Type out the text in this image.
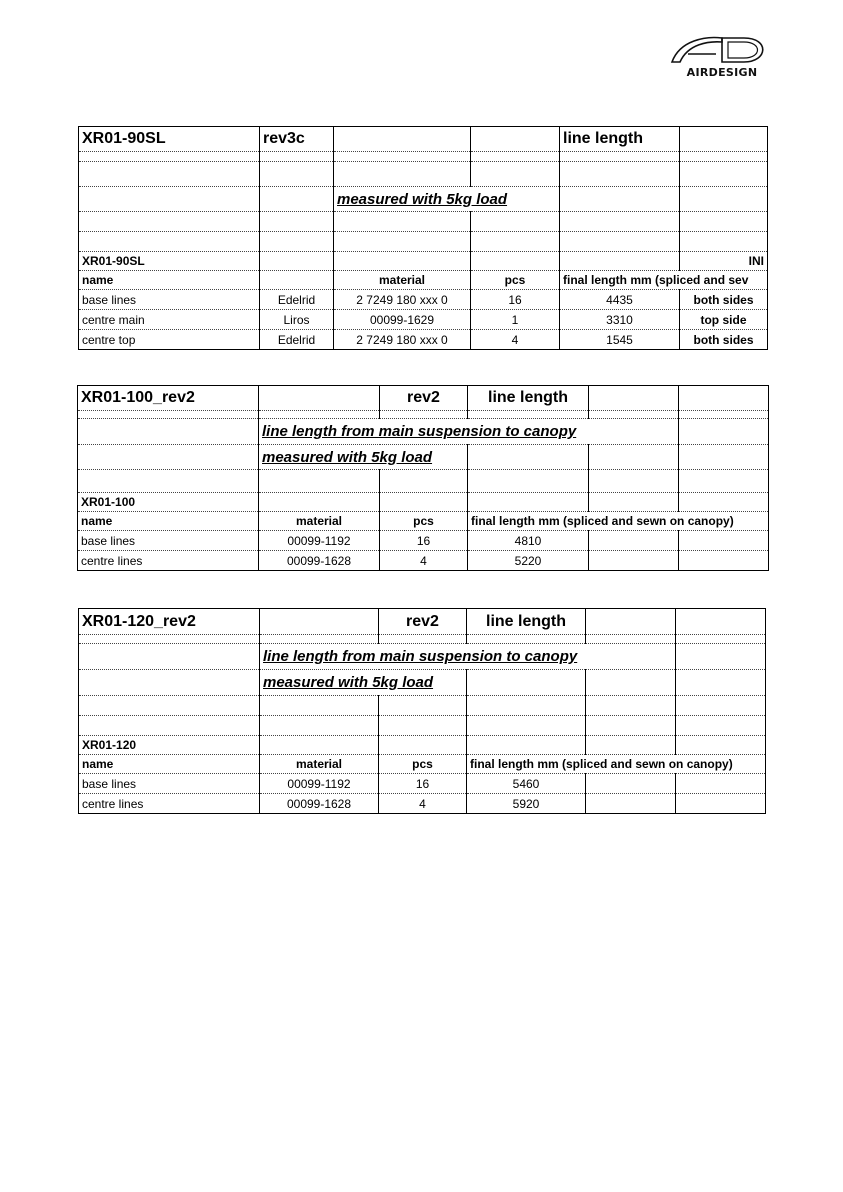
AIRDESIGN
XR01-90SL	rev3c			line length	

		measured with 5kg load			

XR01-90SL					INI
name		material	pcs	final length mm (spliced and sev	
base lines	Edelrid	2 7249 180 xxx 0	16	4435	both sides
centre main	Liros	00099-1629	1	3310	top side
centre top	Edelrid	2 7249 180 xxx 0	4	1545	both sides
XR01-100_rev2		rev2	line length		

	line length from main suspension to canopy				
	measured with 5kg load				

XR01-100					
name	material	pcs	final length mm (spliced and sewn on canopy)		
base lines	00099-1192	16	4810		
centre lines	00099-1628	4	5220		
XR01-120_rev2		rev2	line length		

	line length from main suspension to canopy				
	measured with 5kg load				

XR01-120					
name	material	pcs	final length mm (spliced and sewn on canopy)		
base lines	00099-1192	16	5460		
centre lines	00099-1628	4	5920		
